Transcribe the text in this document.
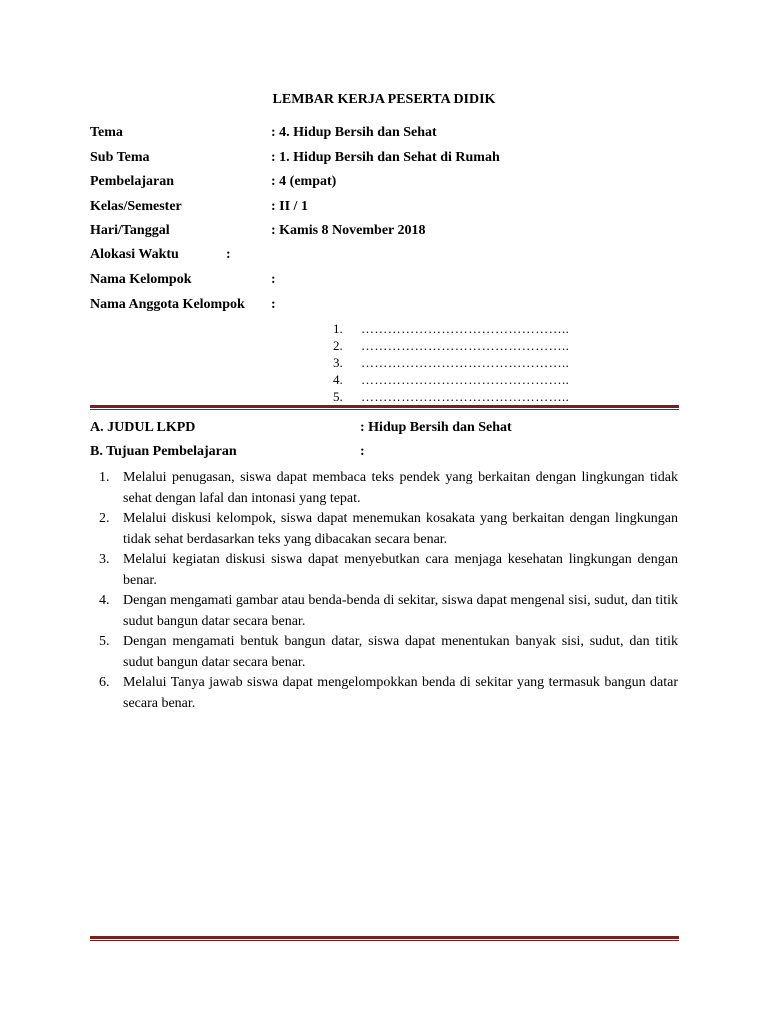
LEMBAR KERJA PESERTA DIDIK
Tema	: 4. Hidup Bersih dan Sehat
Sub Tema	: 1. Hidup Bersih dan Sehat di Rumah
Pembelajaran	: 4 (empat)
Kelas/Semester	: II / 1
Hari/Tanggal	: Kamis 8 November 2018
Alokasi Waktu	:
Nama Kelompok	:
Nama Anggota Kelompok :
1. ………………………………………..
2. ………………………………………..
3. ………………………………………..
4. ………………………………………..
5. ………………………………………..
A. JUDUL LKPD	: Hidup Bersih dan Sehat
B. Tujuan Pembelajaran	:
1. Melalui penugasan, siswa dapat membaca teks pendek yang berkaitan dengan lingkungan tidak sehat dengan lafal dan intonasi yang tepat.
2. Melalui diskusi kelompok, siswa dapat menemukan kosakata yang berkaitan dengan lingkungan tidak sehat berdasarkan teks yang dibacakan secara benar.
3. Melalui kegiatan diskusi siswa dapat menyebutkan cara menjaga kesehatan lingkungan dengan benar.
4. Dengan mengamati gambar atau benda-benda di sekitar, siswa dapat mengenal sisi, sudut, dan titik sudut bangun datar secara benar.
5. Dengan mengamati bentuk bangun datar, siswa dapat menentukan banyak sisi, sudut, dan titik sudut bangun datar secara benar.
6. Melalui Tanya jawab siswa dapat mengelompokkan benda di sekitar yang termasuk bangun datar secara benar.
